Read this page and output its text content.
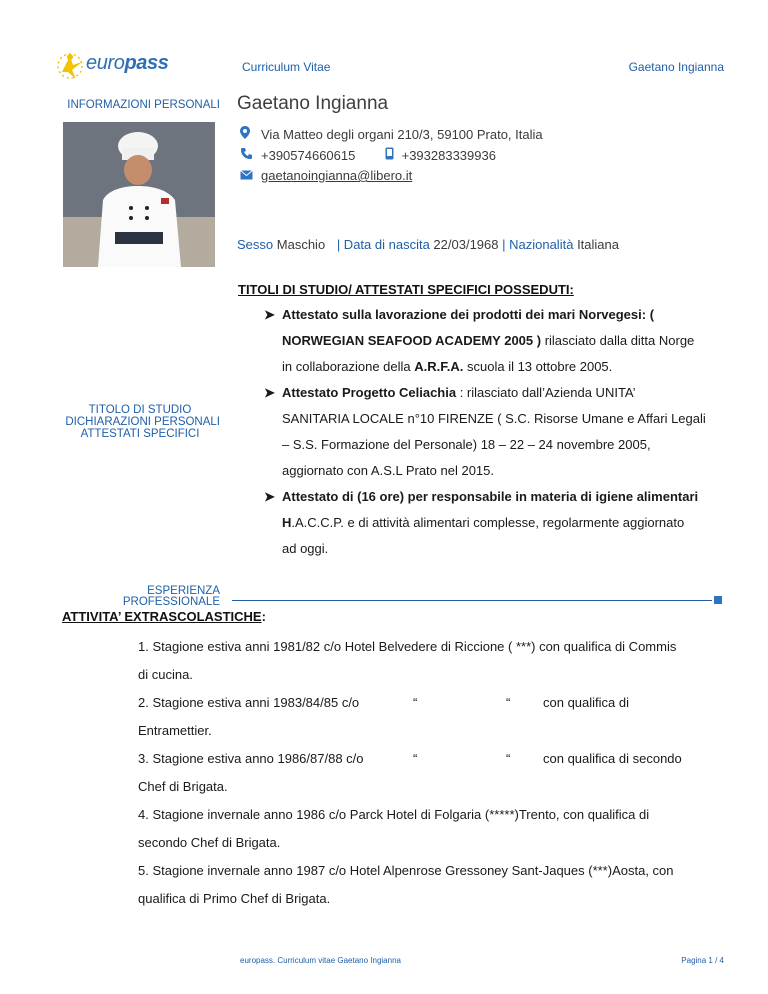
europass	Curriculum Vitae	Gaetano Ingianna
INFORMAZIONI PERSONALI Gaetano Ingianna
Via Matteo degli organi 210/3, 59100 Prato, Italia
+390574660615	+393283339936
gaetanoingianna@libero.it
Sesso Maschio | Data di nascita 22/03/1968 | Nazionalità Italiana
TITOLI DI STUDIO/ ATTESTATI SPECIFICI POSSEDUTI:
➤ Attestato sulla lavorazione dei prodotti dei mari Norvegesi: (
NORWEGIAN SEAFOOD ACADEMY 2005 ) rilasciato dalla ditta Norge
in collaborazione della A.R.F.A. scuola il 13 ottobre 2005.
➤ Attestato Progetto Celiachia : rilasciato dall’Azienda UNITA’
SANITARIA LOCALE n°10 FIRENZE ( S.C. Risorse Umane e Affari Legali
– S.S. Formazione del Personale) 18 – 22 – 24 novembre 2005,
aggiornato con A.S.L Prato nel 2015.
TITOLO DI STUDIO
DICHIARAZIONI PERSONALI
ATTESTATI SPECIFICI
➤ Attestato di (16 ore) per responsabile in materia di igiene alimentari
H.A.C.C.P. e di attività alimentari complesse, regolarmente aggiornato
ad oggi.
ESPERIENZA
PROFESSIONALE
ATTIVITA’ EXTRASCOLASTICHE:
1. Stagione estiva anni 1981/82 c/o Hotel Belvedere di Riccione ( ***) con qualifica di Commis
di cucina.
2. Stagione estiva anni 1983/84/85 c/o	“	“	con qualifica di
Entramettier.
3. Stagione estiva anno 1986/87/88 c/o	“	“	con qualifica di secondo
Chef di Brigata.
4. Stagione invernale anno 1986 c/o Parck Hotel di Folgaria (*****)Trento, con qualifica di
secondo Chef di Brigata.
5. Stagione invernale anno 1987 c/o Hotel Alpenrose Gressoney Sant-Jaques (***)Aosta, con
qualifica di Primo Chef di Brigata.
europass. Curriculum vitae Gaetano Ingianna	Pagina 1 / 4
